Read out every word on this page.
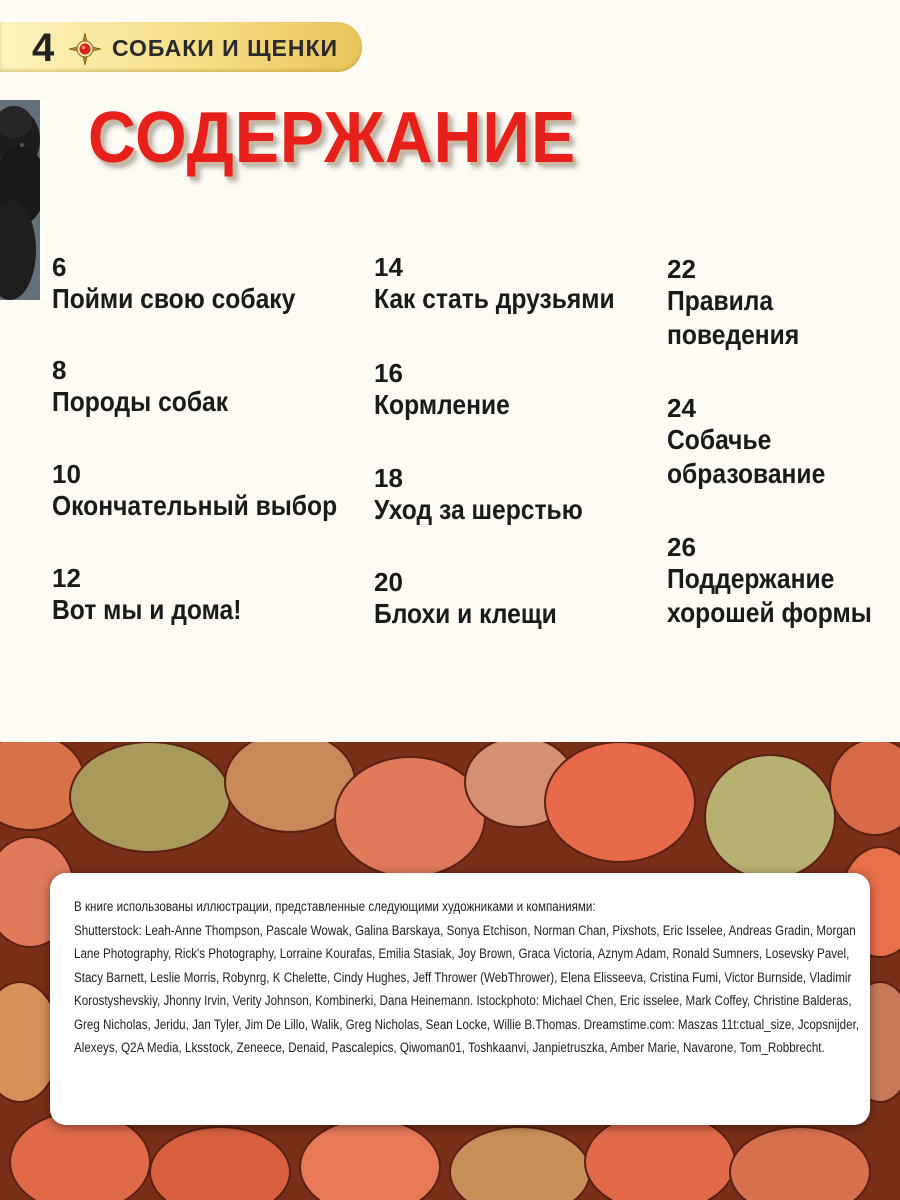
4	СОБАКИ И ЩЕНКИ
СОДЕРЖАНИЕ
6
Пойми свою собаку
8
Породы собак
10
Окончательный выбор
12
Вот мы и дома!
14
Как стать друзьями
16
Кормление
18
Уход за шерстью
20
Блохи и клещи
22
Правила
поведения
24
Собачье
образование
26
Поддержание
хорошей формы
В книге использованы иллюстрации, представленные следующими художниками и компаниями:
Shutterstock: Leah-Anne Thompson, Pascale Wowak, Galina Barskaya, Sonya Etchison, Norman Chan, Pixshots, Eric Isselee, Andreas Gradin, Morgan
Lane Photography, Rick's Photography, Lorraine Kourafas, Emilia Stasiak, Joy Brown, Graca Victoria, Aznym Adam, Ronald Sumners, Losevsky Pavel,
Stacy Barnett, Leslie Morris, Robynrg, K Chelette, Cindy Hughes, Jeff Thrower (WebThrower), Elena Elisseeva, Cristina Fumi, Victor Burnside, Vladimir
Korostyshevskiy, Jhonny Irvin, Verity Johnson, Kombinerki, Dana Heinemann. Istockphoto: Michael Chen, Eric isselee, Mark Coffey, Christine Balderas,
Greg Nicholas, Jeridu, Jan Tyler, Jim De Lillo, Walik, Greg Nicholas, Sean Locke, Willie B.Thomas. Dreamstime.com: Maszas 11t:ctual_size, Jcopsnijder,
Alexeys, Q2A Media, Lksstock, Zeneece, Denaid, Pascalepics, Qiwoman01, Toshkaanvi, Janpietruszka, Amber Marie, Navarone, Tom_Robbrecht.
